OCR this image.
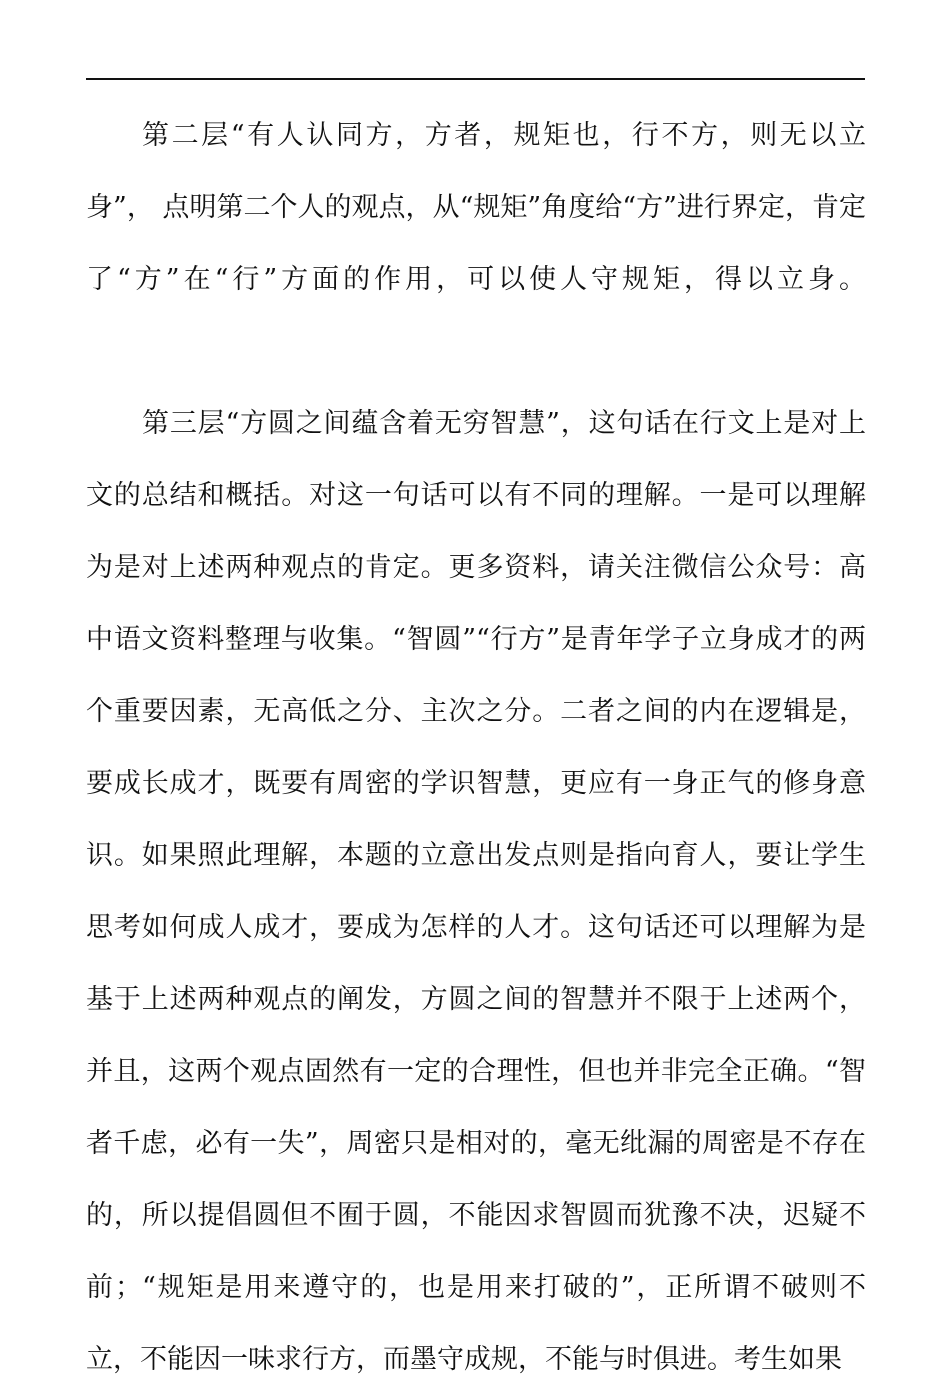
第二层“有人认同方，方者，规矩也，行不方，则无以立身”， 点明第二个人的观点，从“规矩”角度给“方”进行界定，肯定了“方”在“行”方面的作用，可以使人守规矩，得以立身。

第三层“方圆之间蕴含着无穷智慧”，这句话在行文上是对上文的总结和概括。对这一句话可以有不同的理解。一是可以理解为是对上述两种观点的肯定。更多资料，请关注微信公众号：高中语文资料整理与收集。“智圆”“行方”是青年学子立身成才的两个重要因素，无高低之分、主次之分。二者之间的内在逻辑是，要成长成才，既要有周密的学识智慧，更应有一身正气的修身意识。如果照此理解，本题的立意出发点则是指向育人，要让学生思考如何成人成才，要成为怎样的人才。这句话还可以理解为是基于上述两种观点的阐发，方圆之间的智慧并不限于上述两个，并且，这两个观点固然有一定的合理性，但也并非完全正确。“智者千虑，必有一失”，周密只是相对的，毫无纰漏的周密是不存在的，所以提倡圆但不囿于圆，不能因求智圆而犹豫不决，迟疑不前；“规矩是用来遵守的，也是用来打破的”，正所谓不破则不立，不能因一味求行方，而墨守成规，不能与时俱进。考生如果
